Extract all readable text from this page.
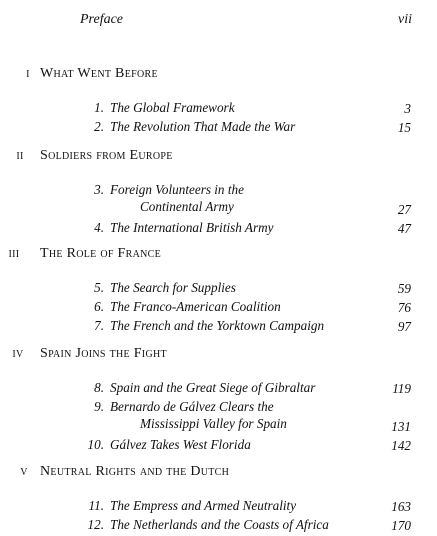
Preface	vii
I What Went Before
1. The Global Framework	3
2. The Revolution That Made the War	15
II	Soldiers from Europe
3. Foreign Volunteers in the
Continental Army	27
4. The International British Army	47
III	The Role of France
5. The Search for Supplies	59
6. The Franco-American Coalition	76
7. The French and the Yorktown Campaign	97
IV	Spain Joins the Fight
8. Spain and the Great Siege of Gibraltar	119
9. Bernardo de Gálvez Clears the
Mississippi Valley for Spain	131
10. Gálvez Takes West Florida	142
V Neutral Rights and the Dutch
11. The Empress and Armed Neutrality	163
12. The Netherlands and the Coasts of Africa	170
